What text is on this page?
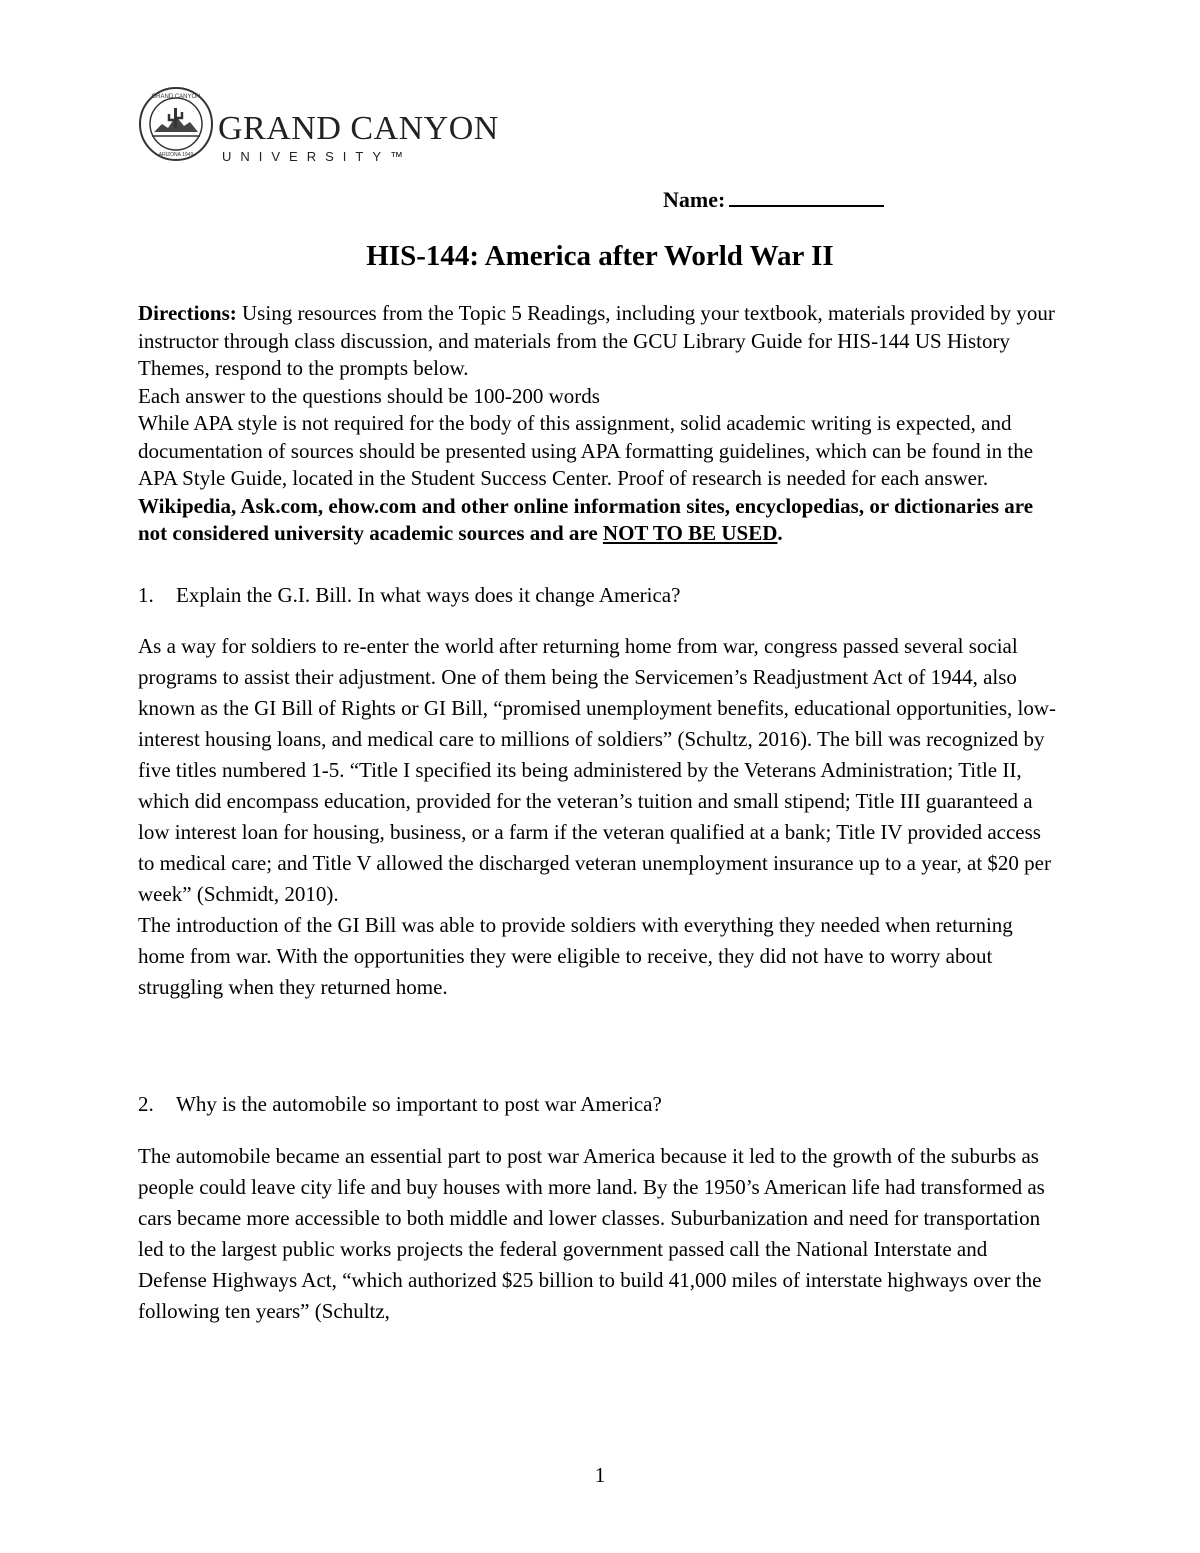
GRAND CANYON
ARIZONA 1949
GRAND CANYON
UNIVERSITY™
Name:
HIS-144: America after World War II

Directions: Using resources from the Topic 5 Readings, including your textbook, materials provided by your instructor through class discussion, and materials from the GCU Library Guide for HIS-144 US History Themes, respond to the prompts below.

Each answer to the questions should be 100-200 words

While APA style is not required for the body of this assignment, solid academic writing is expected, and documentation of sources should be presented using APA formatting guidelines, which can be found in the APA Style Guide, located in the Student Success Center. Proof of research is needed for each answer.

Wikipedia, Ask.com, ehow.com and other online information sites, encyclopedias, or dictionaries are not considered university academic sources and are NOT TO BE USED.

1. Explain the G.I. Bill. In what ways does it change America?

As a way for soldiers to re-enter the world after returning home from war, congress passed several social programs to assist their adjustment. One of them being the Servicemen’s Readjustment Act of 1944, also known as the GI Bill of Rights or GI Bill, “promised unemployment benefits, educational opportunities, low-interest housing loans, and medical care to millions of soldiers” (Schultz, 2016). The bill was recognized by five titles numbered 1-5. “Title I specified its being administered by the Veterans Administration; Title II, which did encompass education, provided for the veteran’s tuition and small stipend; Title III guaranteed a low interest loan for housing, business, or a farm if the veteran qualified at a bank; Title IV provided access to medical care; and Title V allowed the discharged veteran unemployment insurance up to a year, at $20 per week” (Schmidt, 2010).

The introduction of the GI Bill was able to provide soldiers with everything they needed when returning home from war. With the opportunities they were eligible to receive, they did not have to worry about struggling when they returned home.

2. Why is the automobile so important to post war America?

The automobile became an essential part to post war America because it led to the growth of the suburbs as people could leave city life and buy houses with more land. By the 1950’s American life had transformed as cars became more accessible to both middle and lower classes. Suburbanization and need for transportation led to the largest public works projects the federal government passed call the National Interstate and Defense Highways Act, “which authorized $25 billion to build 41,000 miles of interstate highways over the following ten years” (Schultz,

1
